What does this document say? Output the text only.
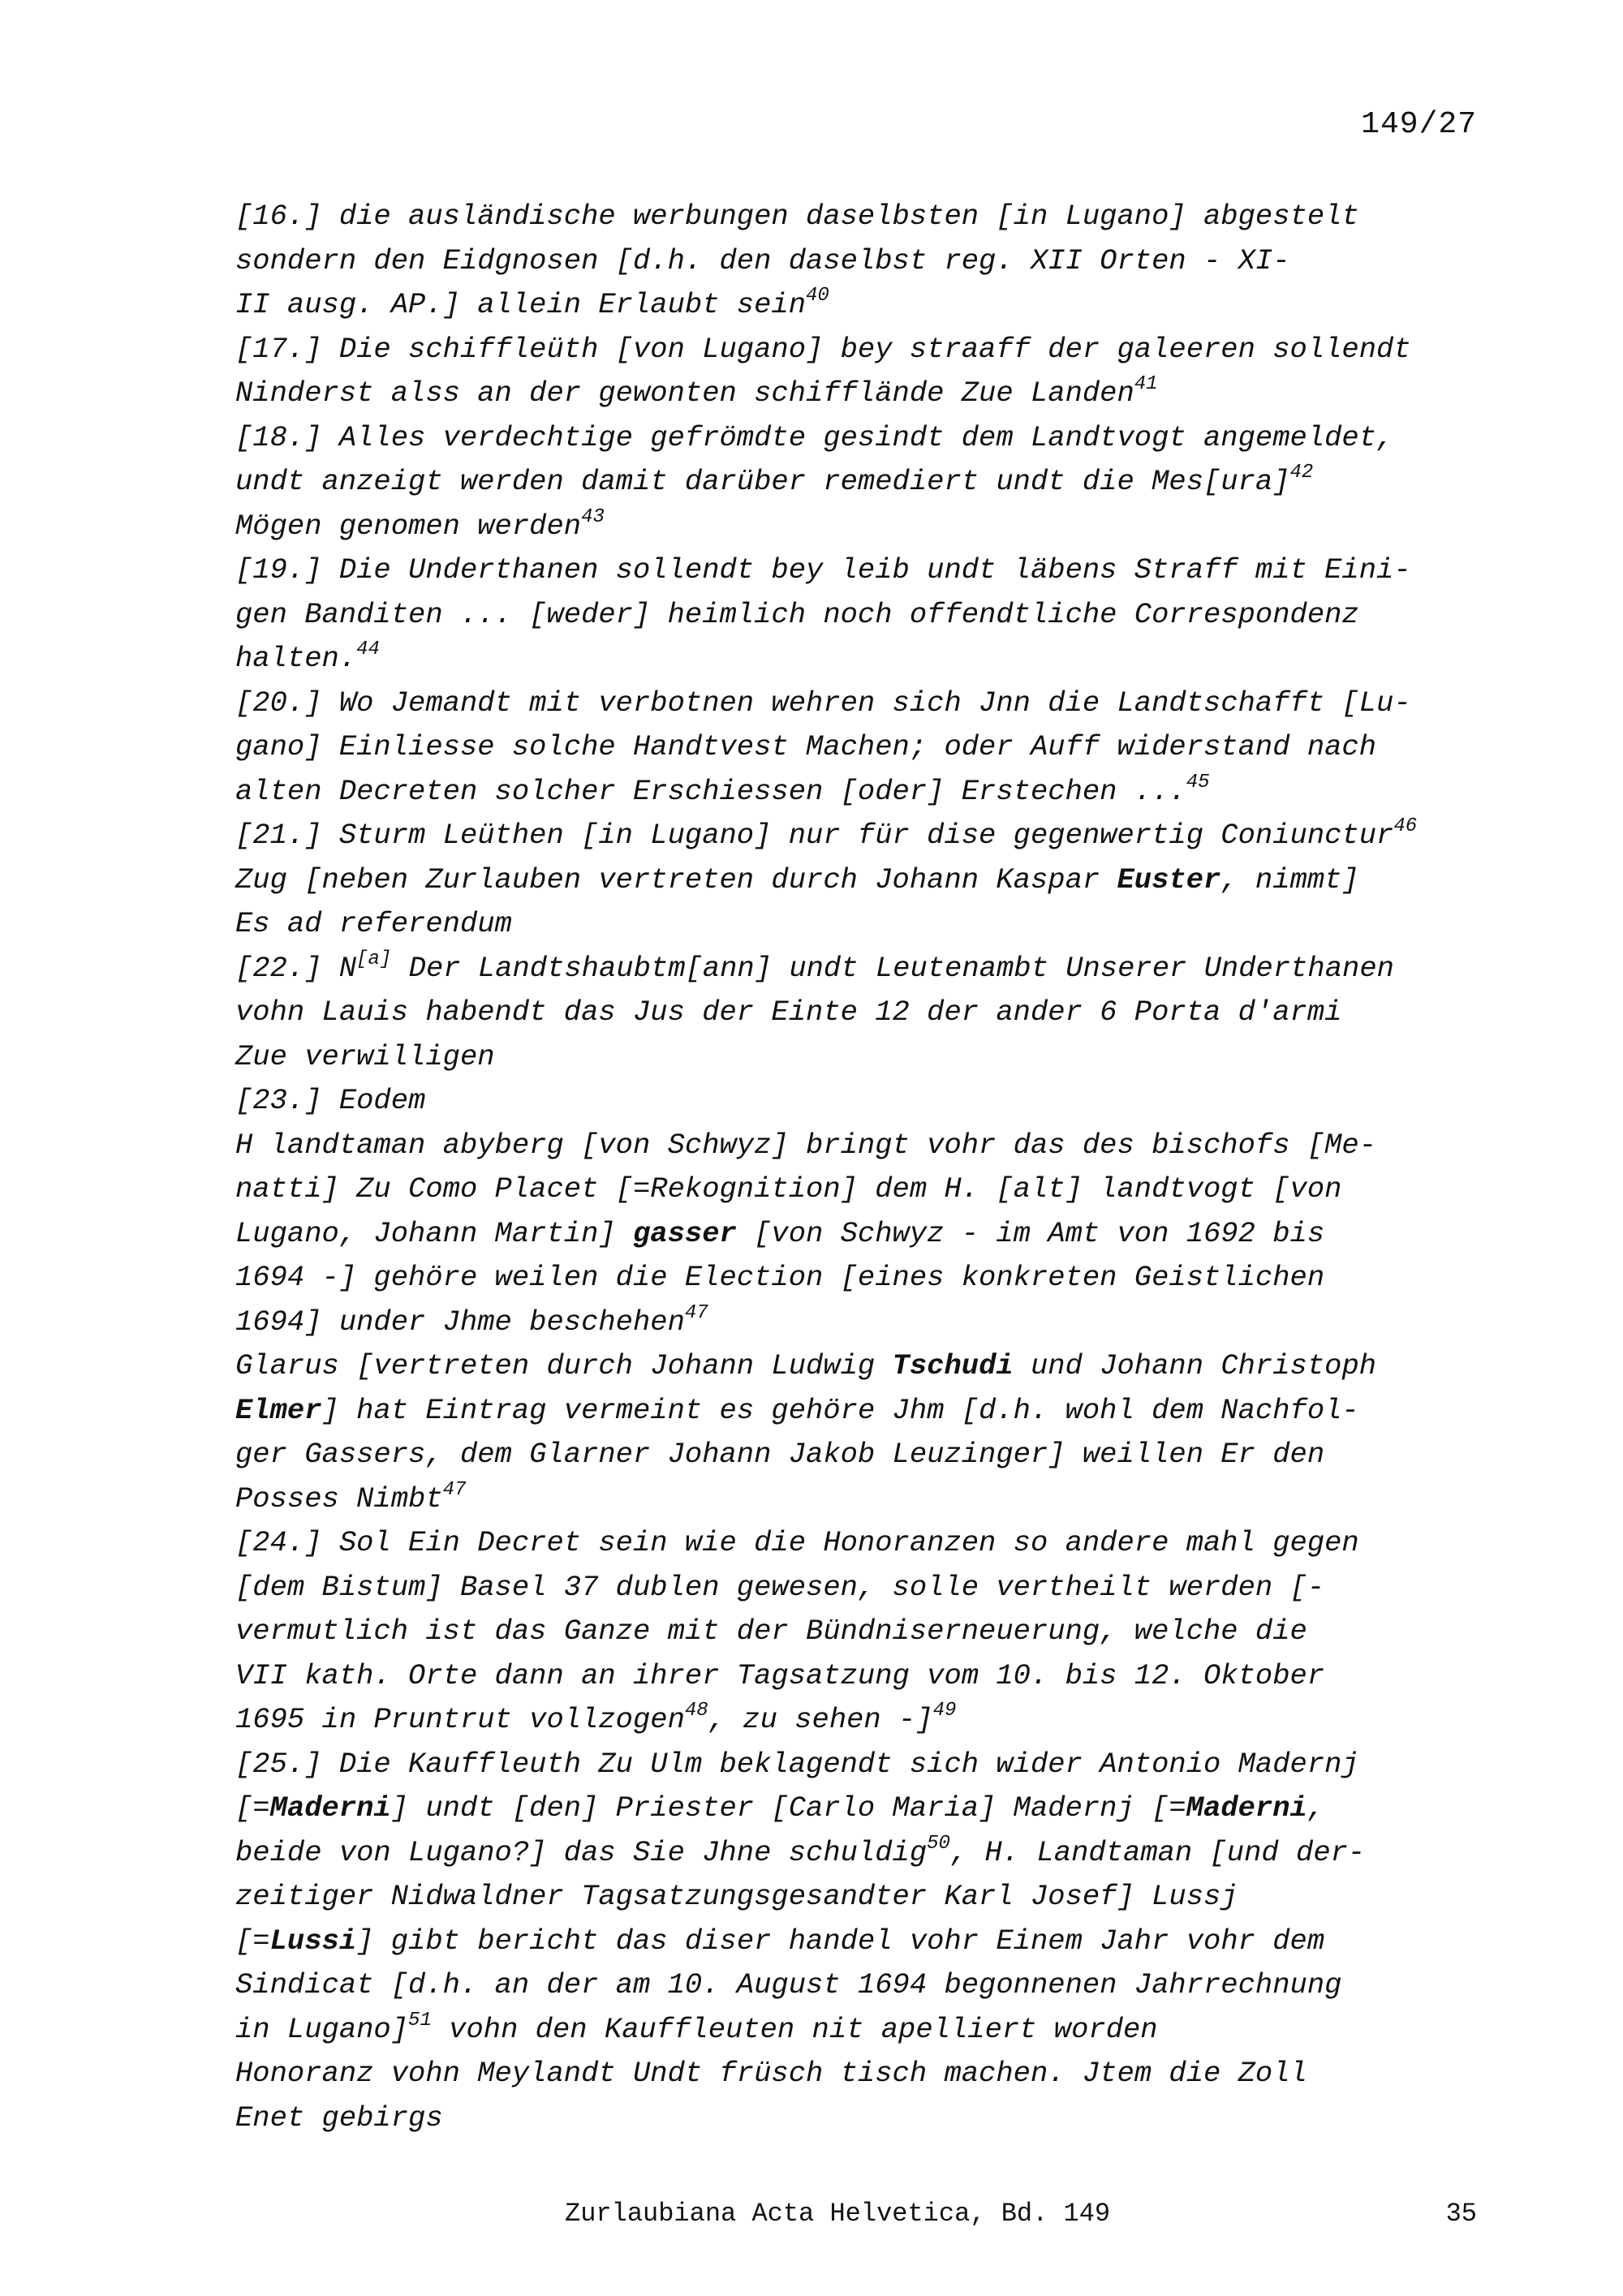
149/27

[16.] die ausländische werbungen daselbsten [in Lugano] abgestelt
sondern den Eidgnosen [d.h. den daselbst reg. XII Orten - XI-
II ausg. AP.] allein Erlaubt sein$^{40}$

[17.] Die schiffleüth [von Lugano] bey straaff der galeeren sollendt
Ninderst alss an der gewonten schifflände Zue Landen$^{41}$

[18.] Alles verdechtige gefrömdte gesindt dem Landtvogt angemeldet,
undt anzeigt werden damit darüber remediert undt die Mes[ura]$^{42}$
Mögen genomen werden$^{43}$

[19.] Die Underthanen sollendt bey leib undt läbens Straff mit Eini-
gen Banditen ... [weder] heimlich noch offendtliche Correspondenz
halten.$^{44}$

[20.] Wo Jemandt mit verbotnen wehren sich Jnn die Landtschafft [Lu-
gano] Einliesse solche Handtvest Machen; oder Auff widerstand nach
alten Decreten solcher Erschiessen [oder] Erstechen ...$^{45}$

[21.] Sturm Leüthen [in Lugano] nur für dise gegenwertig Coniunctur$^{46}$
Zug [neben Zurlauben vertreten durch Johann Kaspar Euster, nimmt]
Es ad referendum

[22.] N[a] Der Landtshaubtm[ann] undt Leutenambt Unserer Underthanen
vohn Lauis habendt das Jus der Einte 12 der ander 6 Porta d'armi
Zue verwilligen

[23.] Eodem
H landtaman abyberg [von Schwyz] bringt vohr das des bischofs [Me-
natti] Zu Como Placet [=Rekognition] dem H. [alt] landtvogt [von
Lugano, Johann Martin] gasser [von Schwyz - im Amt von 1692 bis
1694 -] gehöre weilen die Election [eines konkreten Geistlichen
1694] under Jhme beschehen$^{47}$
Glarus [vertreten durch Johann Ludwig Tschudi und Johann Christoph
Elmer] hat Eintrag vermeint es gehöre Jhm [d.h. wohl dem Nachfol-
ger Gassers, dem Glarner Johann Jakob Leuzinger] weillen Er den
Posses Nimbt$^{47}$

[24.] Sol Ein Decret sein wie die Honoranzen so andere mahl gegen
[dem Bistum] Basel 37 dublen gewesen, solle vertheilt werden [-
vermutlich ist das Ganze mit der Bündniserneuerung, welche die
VII kath. Orte dann an ihrer Tagsatzung vom 10. bis 12. Oktober
1695 in Pruntrut vollzogen$^{48}$, zu sehen -]$^{49}$

[25.] Die Kauffleuth Zu Ulm beklagendt sich wider Antonio Madernj
[=Maderni] undt [den] Priester [Carlo Maria] Madernj [=Maderni,
beide von Lugano?] das Sie Jhne schuldig$^{50}$, H. Landtaman [und der-
zeitiger Nidwaldner Tagsatzungsgesandter Karl Josef] Lussj
[=Lussi] gibt bericht das diser handel vohr Einem Jahr vohr dem
Sindicat [d.h. an der am 10. August 1694 begonnenen Jahrrechnung
in Lugano]$^{51}$ vohn den Kauffleuten nit apelliert worden
Honoranz vohn Meylandt Undt früsch tisch machen. Jtem die Zoll
Enet gebirgs

Zurlaubiana Acta Helvetica, Bd. 149	35
